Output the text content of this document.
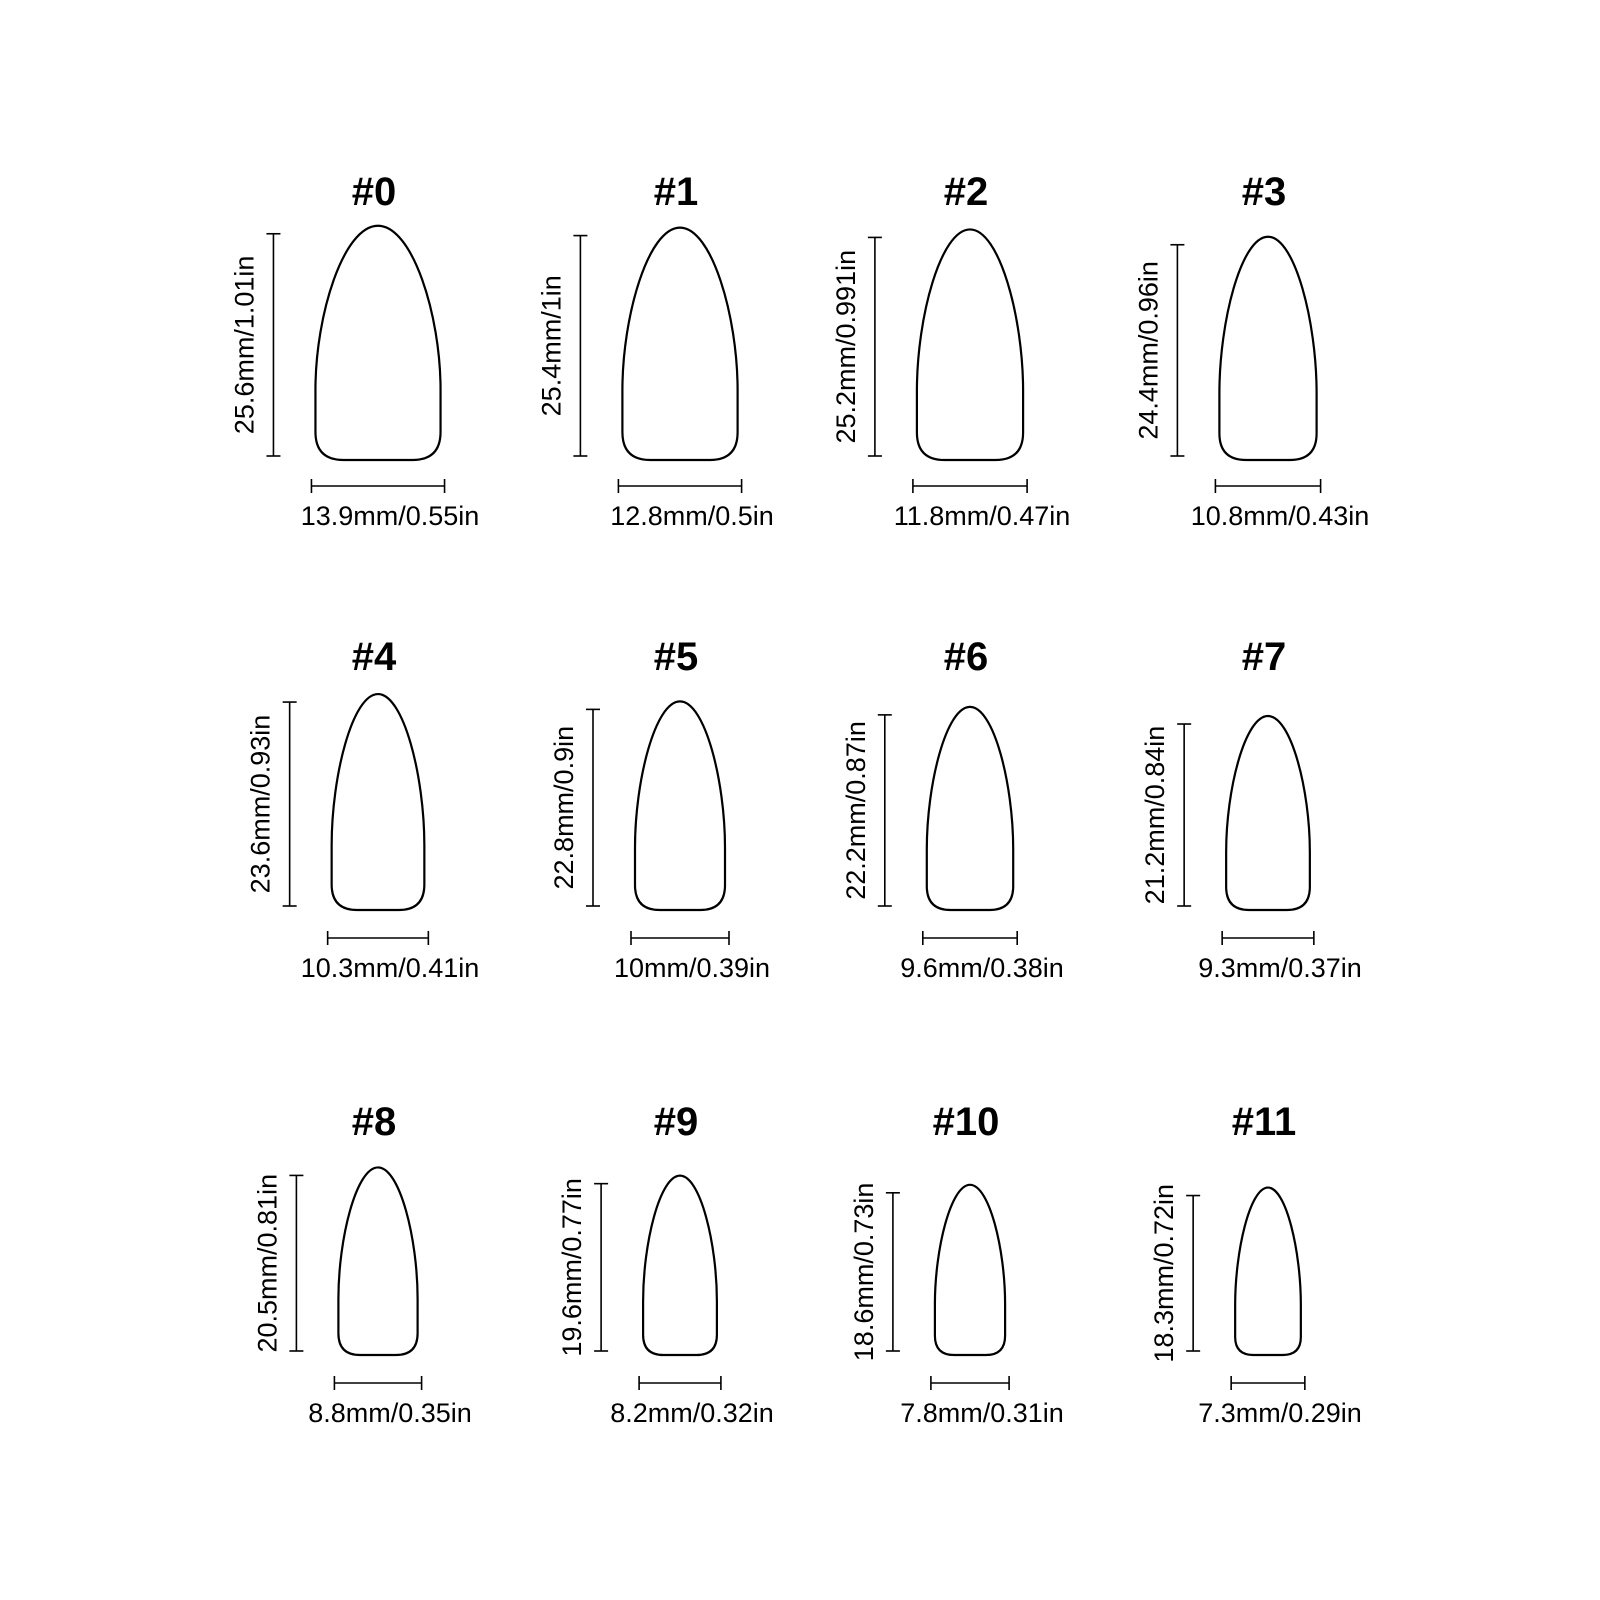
#0
25.6mm/1.01in
13.9mm/0.55in
#1
25.4mm/1in
12.8mm/0.5in
#2
25.2mm/0.991in
11.8mm/0.47in
#3
24.4mm/0.96in
10.8mm/0.43in
#4
23.6mm/0.93in
10.3mm/0.41in
#5
22.8mm/0.9in
10mm/0.39in
#6
22.2mm/0.87in
9.6mm/0.38in
#7
21.2mm/0.84in
9.3mm/0.37in
#8
20.5mm/0.81in
8.8mm/0.35in
#9
19.6mm/0.77in
8.2mm/0.32in
#10
18.6mm/0.73in
7.8mm/0.31in
#11
18.3mm/0.72in
7.3mm/0.29in
